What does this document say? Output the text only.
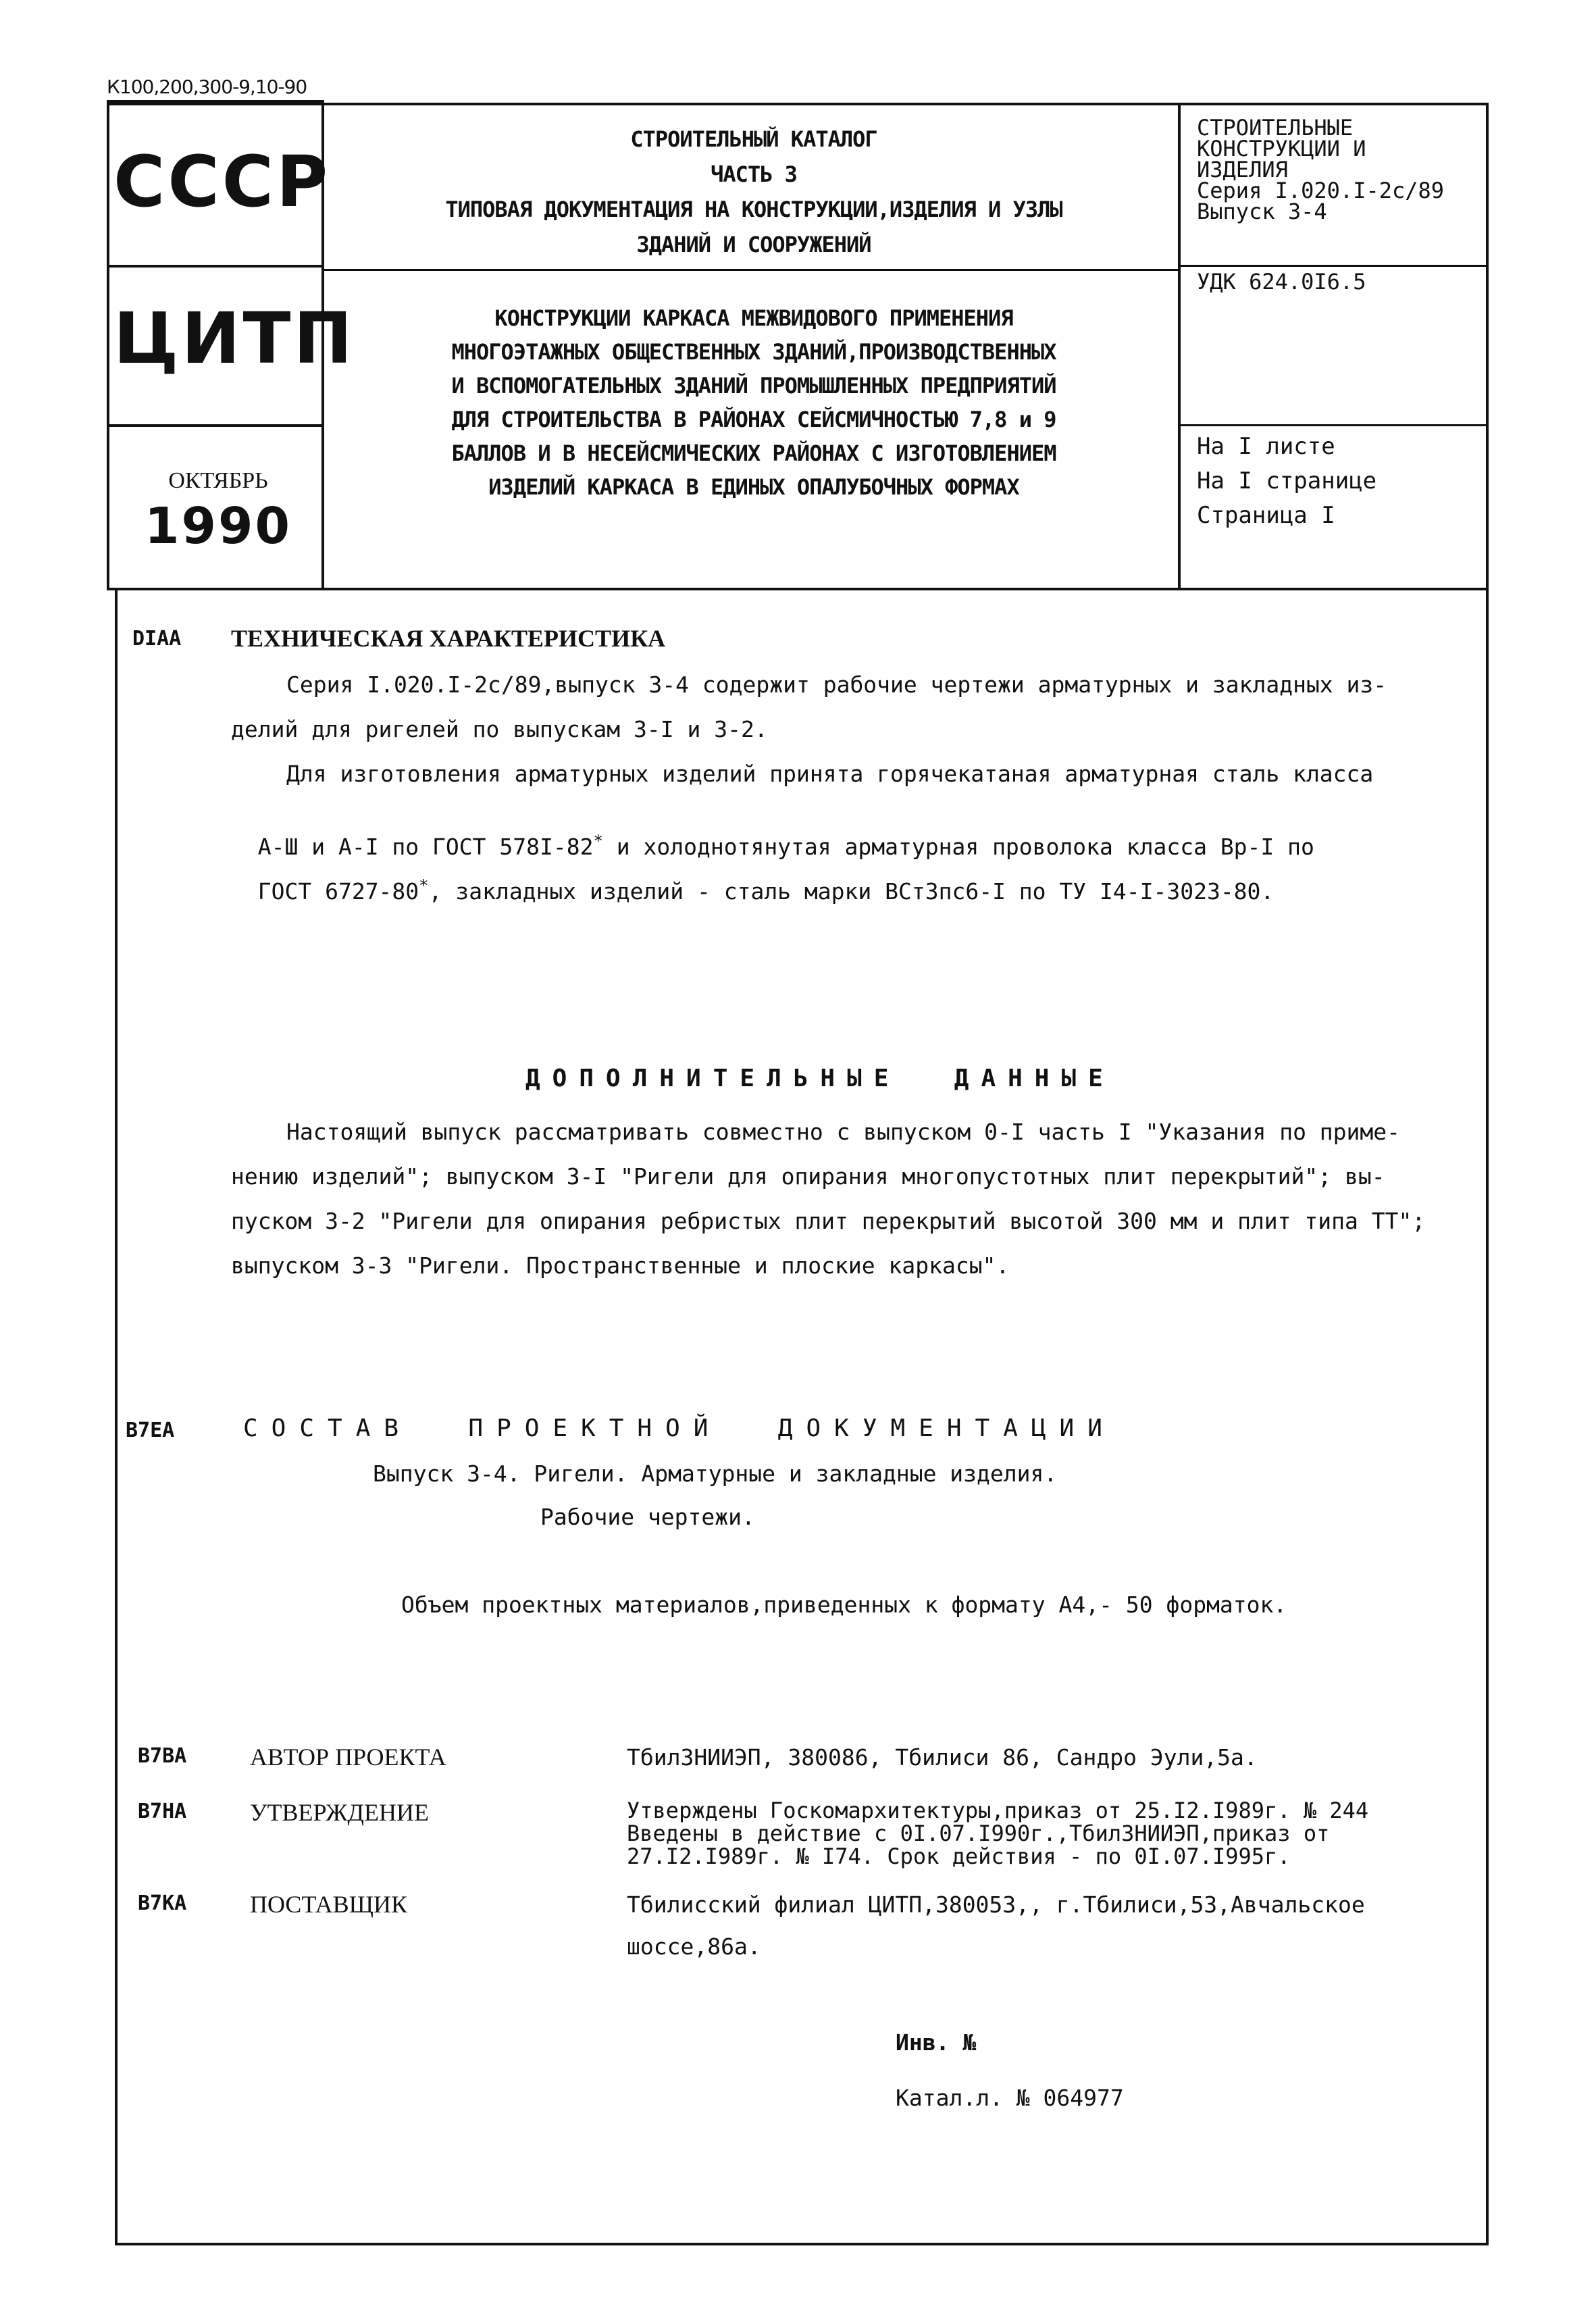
К100,200,300-9,10-90
СССР
ЦИТП
ОКТЯБРЬ
1990
СТРОИТЕЛЬНЫЙ КАТАЛОГ
ЧАСТЬ 3
ТИПОВАЯ ДОКУМЕНТАЦИЯ НА КОНСТРУКЦИИ,ИЗДЕЛИЯ И УЗЛЫ
ЗДАНИЙ И СООРУЖЕНИЙ
КОНСТРУКЦИИ КАРКАСА МЕЖВИДОВОГО ПРИМЕНЕНИЯ
МНОГОЭТАЖНЫХ ОБЩЕСТВЕННЫХ ЗДАНИЙ,ПРОИЗВОДСТВЕННЫХ
И ВСПОМОГАТЕЛЬНЫХ ЗДАНИЙ ПРОМЫШЛЕННЫХ ПРЕДПРИЯТИЙ
ДЛЯ СТРОИТЕЛЬСТВА В РАЙОНАХ СЕЙСМИЧНОСТЬЮ 7,8 и 9
БАЛЛОВ И В НЕСЕЙСМИЧЕСКИХ РАЙОНАХ С ИЗГОТОВЛЕНИЕМ
ИЗДЕЛИЙ КАРКАСА В ЕДИНЫХ ОПАЛУБОЧНЫХ ФОРМАХ
СТРОИТЕЛЬНЫЕ
КОНСТРУКЦИИ И
ИЗДЕЛИЯ
Серия I.020.I-2с/89
Выпуск 3-4
УДК 624.0I6.5
На I листе
На I странице
Страница I
DIAA ТЕХНИЧЕСКАЯ ХАРАКТЕРИСТИКА
Серия I.020.I-2с/89,выпуск 3-4 содержит рабочие чертежи арматурных и закладных из-
делий для ригелей по выпускам 3-I и 3-2.
Для изготовления арматурных изделий принята горячекатаная арматурная сталь класса

А-Ш и А-I по ГОСТ 578I-82* и холоднотянутая арматурная проволока класса Вр-I по

ГОСТ 6727-80*, закладных изделий - сталь марки ВСт3пс6-I по ТУ I4-I-3023-80.

ДОПОЛНИТЕЛЬНЫЕ  ДАННЫЕ
Настоящий выпуск рассматривать совместно с выпуском 0-I часть I "Указания по приме-
нению изделий"; выпуском 3-I "Ригели для опирания многопустотных плит перекрытий"; вы-
пуском 3-2 "Ригели для опирания ребристых плит перекрытий высотой 300 мм и плит типа ТТ";
выпуском 3-3 "Ригели. Пространственные и плоские каркасы".
В7ЕА	СОСТАВ  ПРОЕКТНОЙ  ДОКУМЕНТАЦИИ
Выпуск 3-4. Ригели. Арматурные и закладные изделия.
Рабочие чертежи.
Объем проектных материалов,приведенных к формату А4,- 50 форматок.
В7ВА	АВТОР ПРОЕКТА	ТбилЗНИИЭП, 380086, Тбилиси 86, Сандро Эули,5а.
В7НА	УТВЕРЖДЕНИЕ	Утверждены Госкомархитектуры,приказ от 25.I2.I989г. № 244
Введены в действие с 0I.07.I990г.,ТбилЗНИИЭП,приказ от
27.I2.I989г. № I74. Срок действия - по 0I.07.I995г.
В7КА	ПОСТАВЩИК	Тбилисский филиал ЦИТП,380053,, г.Тбилиси,53,Авчальское
шоссе,86а.
Инв. №
Катал.л. № 064977
